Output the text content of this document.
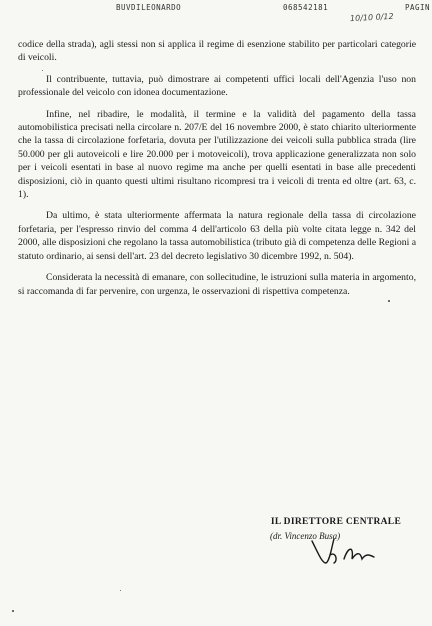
BUVDILEONARDO	068542181	PAGIN
10/10 0/12

codice della strada), agli stessi non si applica il regime di esenzione stabilito per particolari categorie di veicoli.

Il contribuente, tuttavia, può dimostrare ai competenti uffici locali dell'Agenzia l'uso non professionale del veicolo con idonea documentazione.

Infine, nel ribadire, le modalità, il termine e la validità del pagamento della tassa automobilistica precisati nella circolare n. 207/E del 16 novembre 2000, è stato chiarito ulteriormente che la tassa di circolazione forfetaria, dovuta per l'utilizzazione dei veicoli sulla pubblica strada (lire 50.000 per gli autoveicoli e lire 20.000 per i motoveicoli), trova applicazione generalizzata non solo per i veicoli esentati in base al nuovo regime ma anche per quelli esentati in base alle precedenti disposizioni, ciò in quanto questi ultimi risultano ricompresi tra i veicoli di trenta ed oltre (art. 63, c. 1).

Da ultimo, è stata ulteriormente affermata la natura regionale della tassa di circolazione forfetaria, per l'espresso rinvio del comma 4 dell'articolo 63 della più volte citata legge n. 342 del 2000, alle disposizioni che regolano la tassa automobilistica (tributo già di competenza delle Regioni a statuto ordinario, ai sensi dell'art. 23 del decreto legislativo 30 dicembre 1992, n. 504).

Considerata la necessità di emanare, con sollecitudine, le istruzioni sulla materia in argomento, si raccomanda di far pervenire, con urgenza, le osservazioni di rispettiva competenza.

IL DIRETTORE CENTRALE
(dr. Vincenzo Busa)
